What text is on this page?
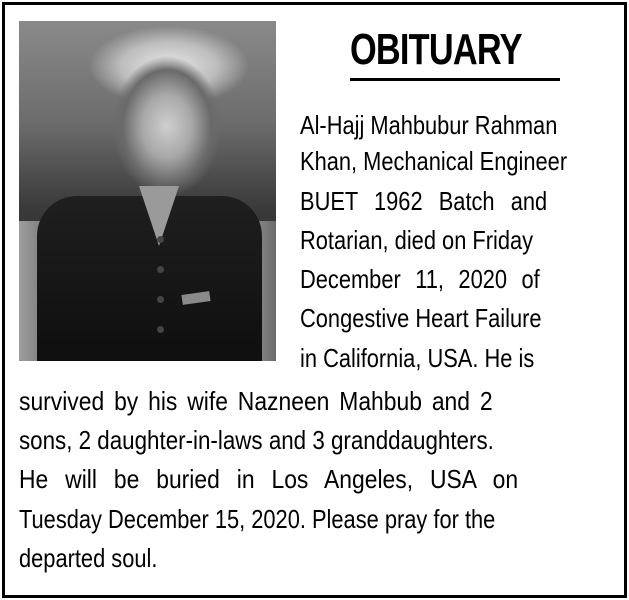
OBITUARY
Al-Hajj Mahbubur Rahman
Khan, Mechanical Engineer
BUET 1962 Batch and
Rotarian, died on Friday
December 11, 2020 of
Congestive Heart Failure
in California, USA. He is
survived by his wife Nazneen Mahbub and 2
sons, 2 daughter-in-laws and 3 granddaughters.
He will be buried in Los Angeles, USA on
Tuesday December 15, 2020. Please pray for the
departed soul.
